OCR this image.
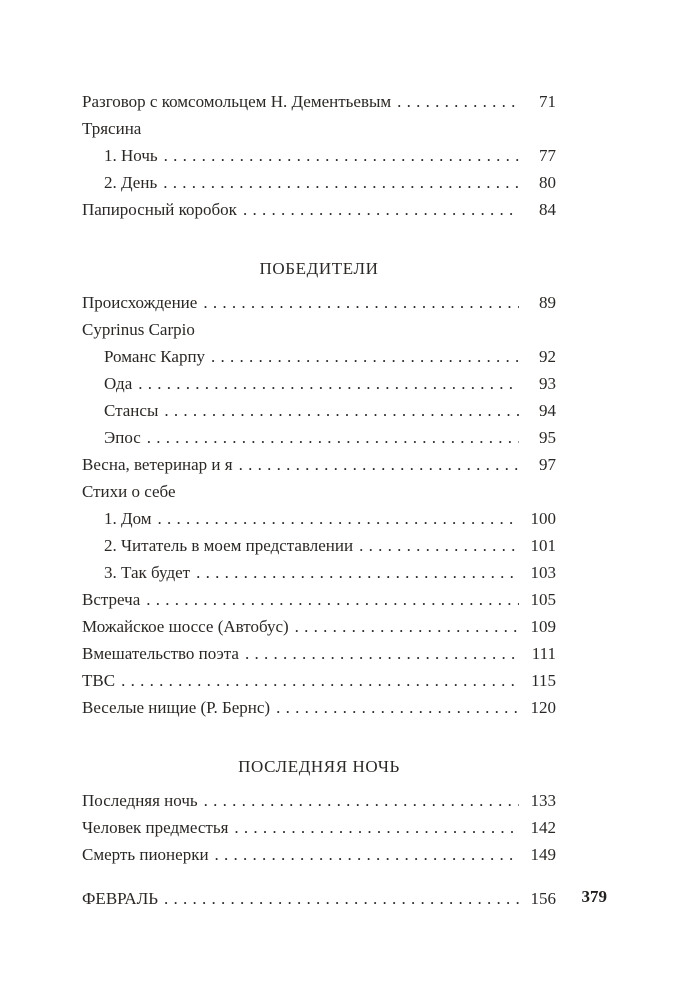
Разговор с комсомольцем Н. Дементьевым . . .	71
Трясина
1. Ночь . . .	77
2. День . . .	80
Папиросный коробок . . .	84
ПОБЕДИТЕЛИ
Происхождение . . .	89
Cyprinus Carpio
Романс Карпу . . .	92
Ода . . .	93
Стансы . . .	94
Эпос . . .	95
Весна, ветеринар и я . . .	97
Стихи о себе
1. Дом . . .	100
2. Читатель в моем представлении . . .	101
3. Так будет . . .	103
Встреча . . .	105
Можайское шоссе (Автобус) . . .	109
Вмешательство поэта . . .	111
ТВС . . .	115
Веселые нищие (Р. Бернс) . . .	120
ПОСЛЕДНЯЯ НОЧЬ
Последняя ночь . . .	133
Человек предместья . . .	142
Смерть пионерки . . .	149
ФЕВРАЛЬ . . .	156 379
